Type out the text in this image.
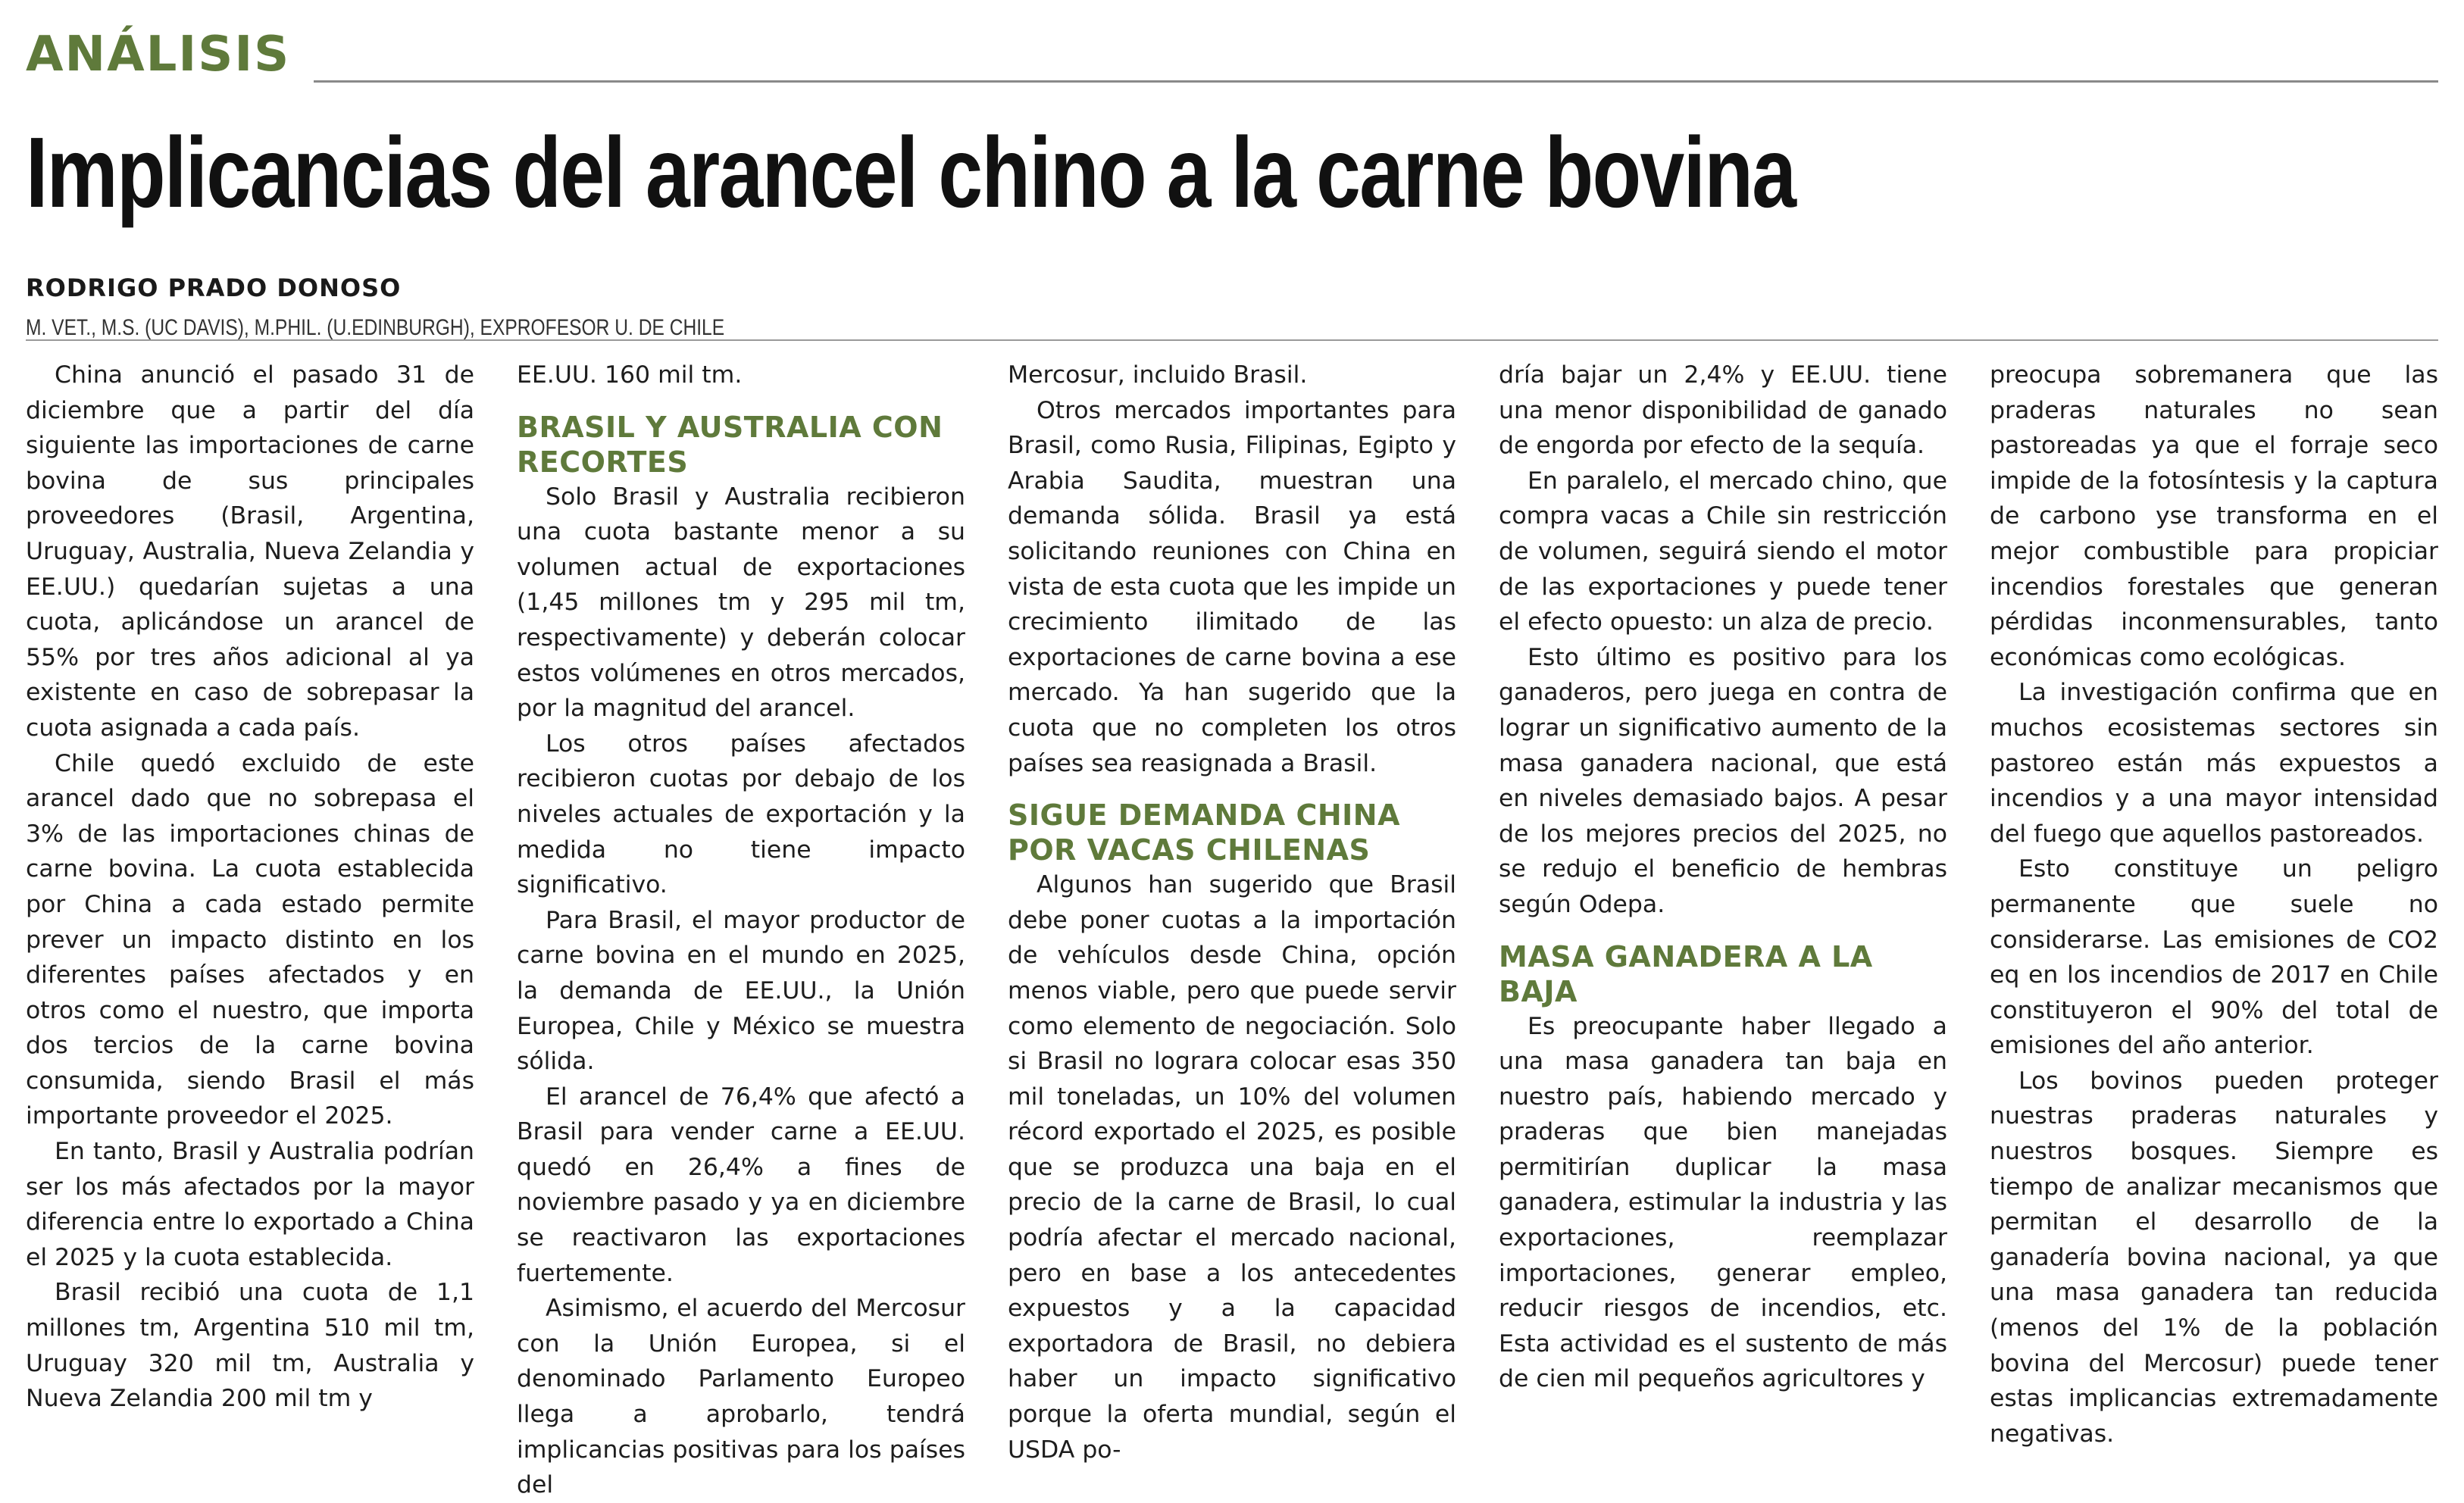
ANÁLISIS
Implicancias del arancel chino a la carne bovina
RODRIGO PRADO DONOSO
M. VET., M.S. (UC DAVIS), M.PHIL. (U.EDINBURGH), EXPROFESOR U. DE CHILE

China anunció el pasado 31 de diciembre que a partir del día siguiente las importaciones de carne bovina de sus principales proveedores (Brasil, Argentina, Uruguay, Australia, Nueva Zelandia y EE.UU.) quedarían sujetas a una cuota, aplicándose un arancel de 55% por tres años adicional al ya existente en caso de sobrepasar la cuota asignada a cada país.

Chile quedó excluido de este arancel dado que no sobrepasa el 3% de las importaciones chinas de carne bovina. La cuota establecida por China a cada estado permite prever un impacto distinto en los diferentes países afectados y en otros como el nuestro, que importa dos tercios de la carne bovina consumida, siendo Brasil el más importante proveedor el 2025.

En tanto, Brasil y Australia podrían ser los más afectados por la mayor diferencia entre lo exportado a China el 2025 y la cuota establecida.

Brasil recibió una cuota de 1,1 millones tm, Argentina 510 mil tm, Uruguay 320 mil tm, Australia y Nueva Zelandia 200 mil tm y

EE.UU. 160 mil tm.

BRASIL Y AUSTRALIA CON RECORTES

Solo Brasil y Australia recibieron una cuota bastante menor a su volumen actual de exportaciones (1,45 millones tm y 295 mil tm, respectivamente) y deberán colocar estos volúmenes en otros mercados, por la magnitud del arancel.

Los otros países afectados recibieron cuotas por debajo de los niveles actuales de exportación y la medida no tiene impacto significativo.

Para Brasil, el mayor productor de carne bovina en el mundo en 2025, la demanda de EE.UU., la Unión Europea, Chile y México se muestra sólida.

El arancel de 76,4% que afectó a Brasil para vender carne a EE.UU. quedó en 26,4% a fines de noviembre pasado y ya en diciembre se reactivaron las exportaciones fuertemente.

Asimismo, el acuerdo del Mercosur con la Unión Europea, si el denominado Parlamento Europeo llega a aprobarlo, tendrá implicancias positivas para los países del

Mercosur, incluido Brasil.

Otros mercados importantes para Brasil, como Rusia, Filipinas, Egipto y Arabia Saudita, muestran una demanda sólida. Brasil ya está solicitando reuniones con China en vista de esta cuota que les impide un crecimiento ilimitado de las exportaciones de carne bovina a ese mercado. Ya han sugerido que la cuota que no completen los otros países sea reasignada a Brasil.

SIGUE DEMANDA CHINA POR VACAS CHILENAS

Algunos han sugerido que Brasil debe poner cuotas a la importación de vehículos desde China, opción menos viable, pero que puede servir como elemento de negociación. Solo si Brasil no lograra colocar esas 350 mil toneladas, un 10% del volumen récord exportado el 2025, es posible que se produzca una baja en el precio de la carne de Brasil, lo cual podría afectar el mercado nacional, pero en base a los antecedentes expuestos y a la capacidad exportadora de Brasil, no debiera haber un impacto significativo porque la oferta mundial, según el USDA po-

dría bajar un 2,4% y EE.UU. tiene una menor disponibilidad de ganado de engorda por efecto de la sequía.

En paralelo, el mercado chino, que compra vacas a Chile sin restricción de volumen, seguirá siendo el motor de las exportaciones y puede tener el efecto opuesto: un alza de precio.

Esto último es positivo para los ganaderos, pero juega en contra de lograr un significativo aumento de la masa ganadera nacional, que está en niveles demasiado bajos. A pesar de los mejores precios del 2025, no se redujo el beneficio de hembras según Odepa.

MASA GANADERA A LA BAJA

Es preocupante haber llegado a una masa ganadera tan baja en nuestro país, habiendo mercado y praderas que bien manejadas permitirían duplicar la masa ganadera, estimular la industria y las exportaciones, reemplazar importaciones, generar empleo, reducir riesgos de incendios, etc. Esta actividad es el sustento de más de cien mil pequeños agricultores y

preocupa sobremanera que las praderas naturales no sean pastoreadas ya que el forraje seco impide de la fotosíntesis y la captura de carbono yse transforma en el mejor combustible para propiciar incendios forestales que generan pérdidas inconmensurables, tanto económicas como ecológicas.

La investigación confirma que en muchos ecosistemas sectores sin pastoreo están más expuestos a incendios y a una mayor intensidad del fuego que aquellos pastoreados.

Esto constituye un peligro permanente que suele no considerarse. Las emisiones de CO2 eq en los incendios de 2017 en Chile constituyeron el 90% del total de emisiones del año anterior.

Los bovinos pueden proteger nuestras praderas naturales y nuestros bosques. Siempre es tiempo de analizar mecanismos que permitan el desarrollo de la ganadería bovina nacional, ya que una masa ganadera tan reducida (menos del 1% de la población bovina del Mercosur) puede tener estas implicancias extremadamente negativas.
